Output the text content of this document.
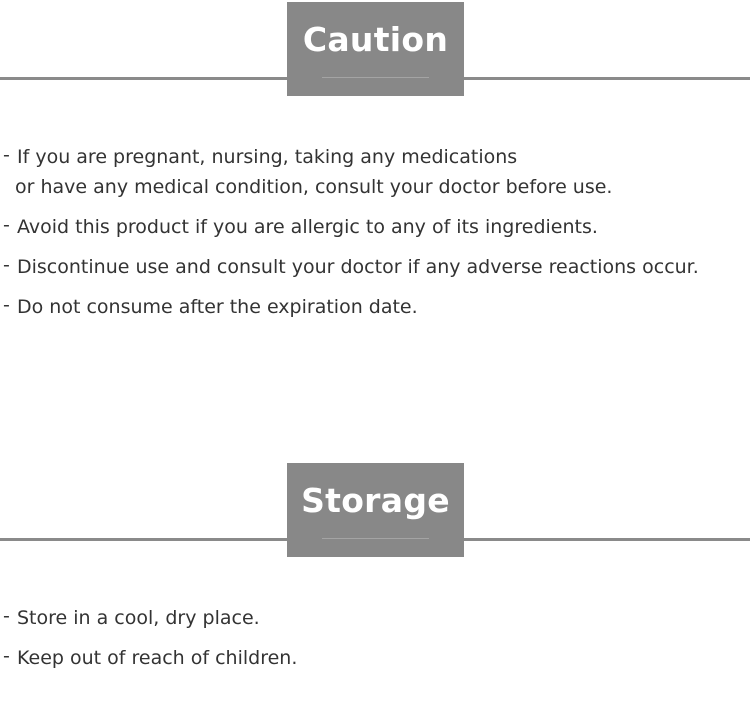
Caution
- If you are pregnant, nursing, taking any medications
or have any medical condition, consult your doctor before use.
- Avoid this product if you are allergic to any of its ingredients.
- Discontinue use and consult your doctor if any adverse reactions occur.
- Do not consume after the expiration date.
Storage
- Store in a cool, dry place.
- Keep out of reach of children.
